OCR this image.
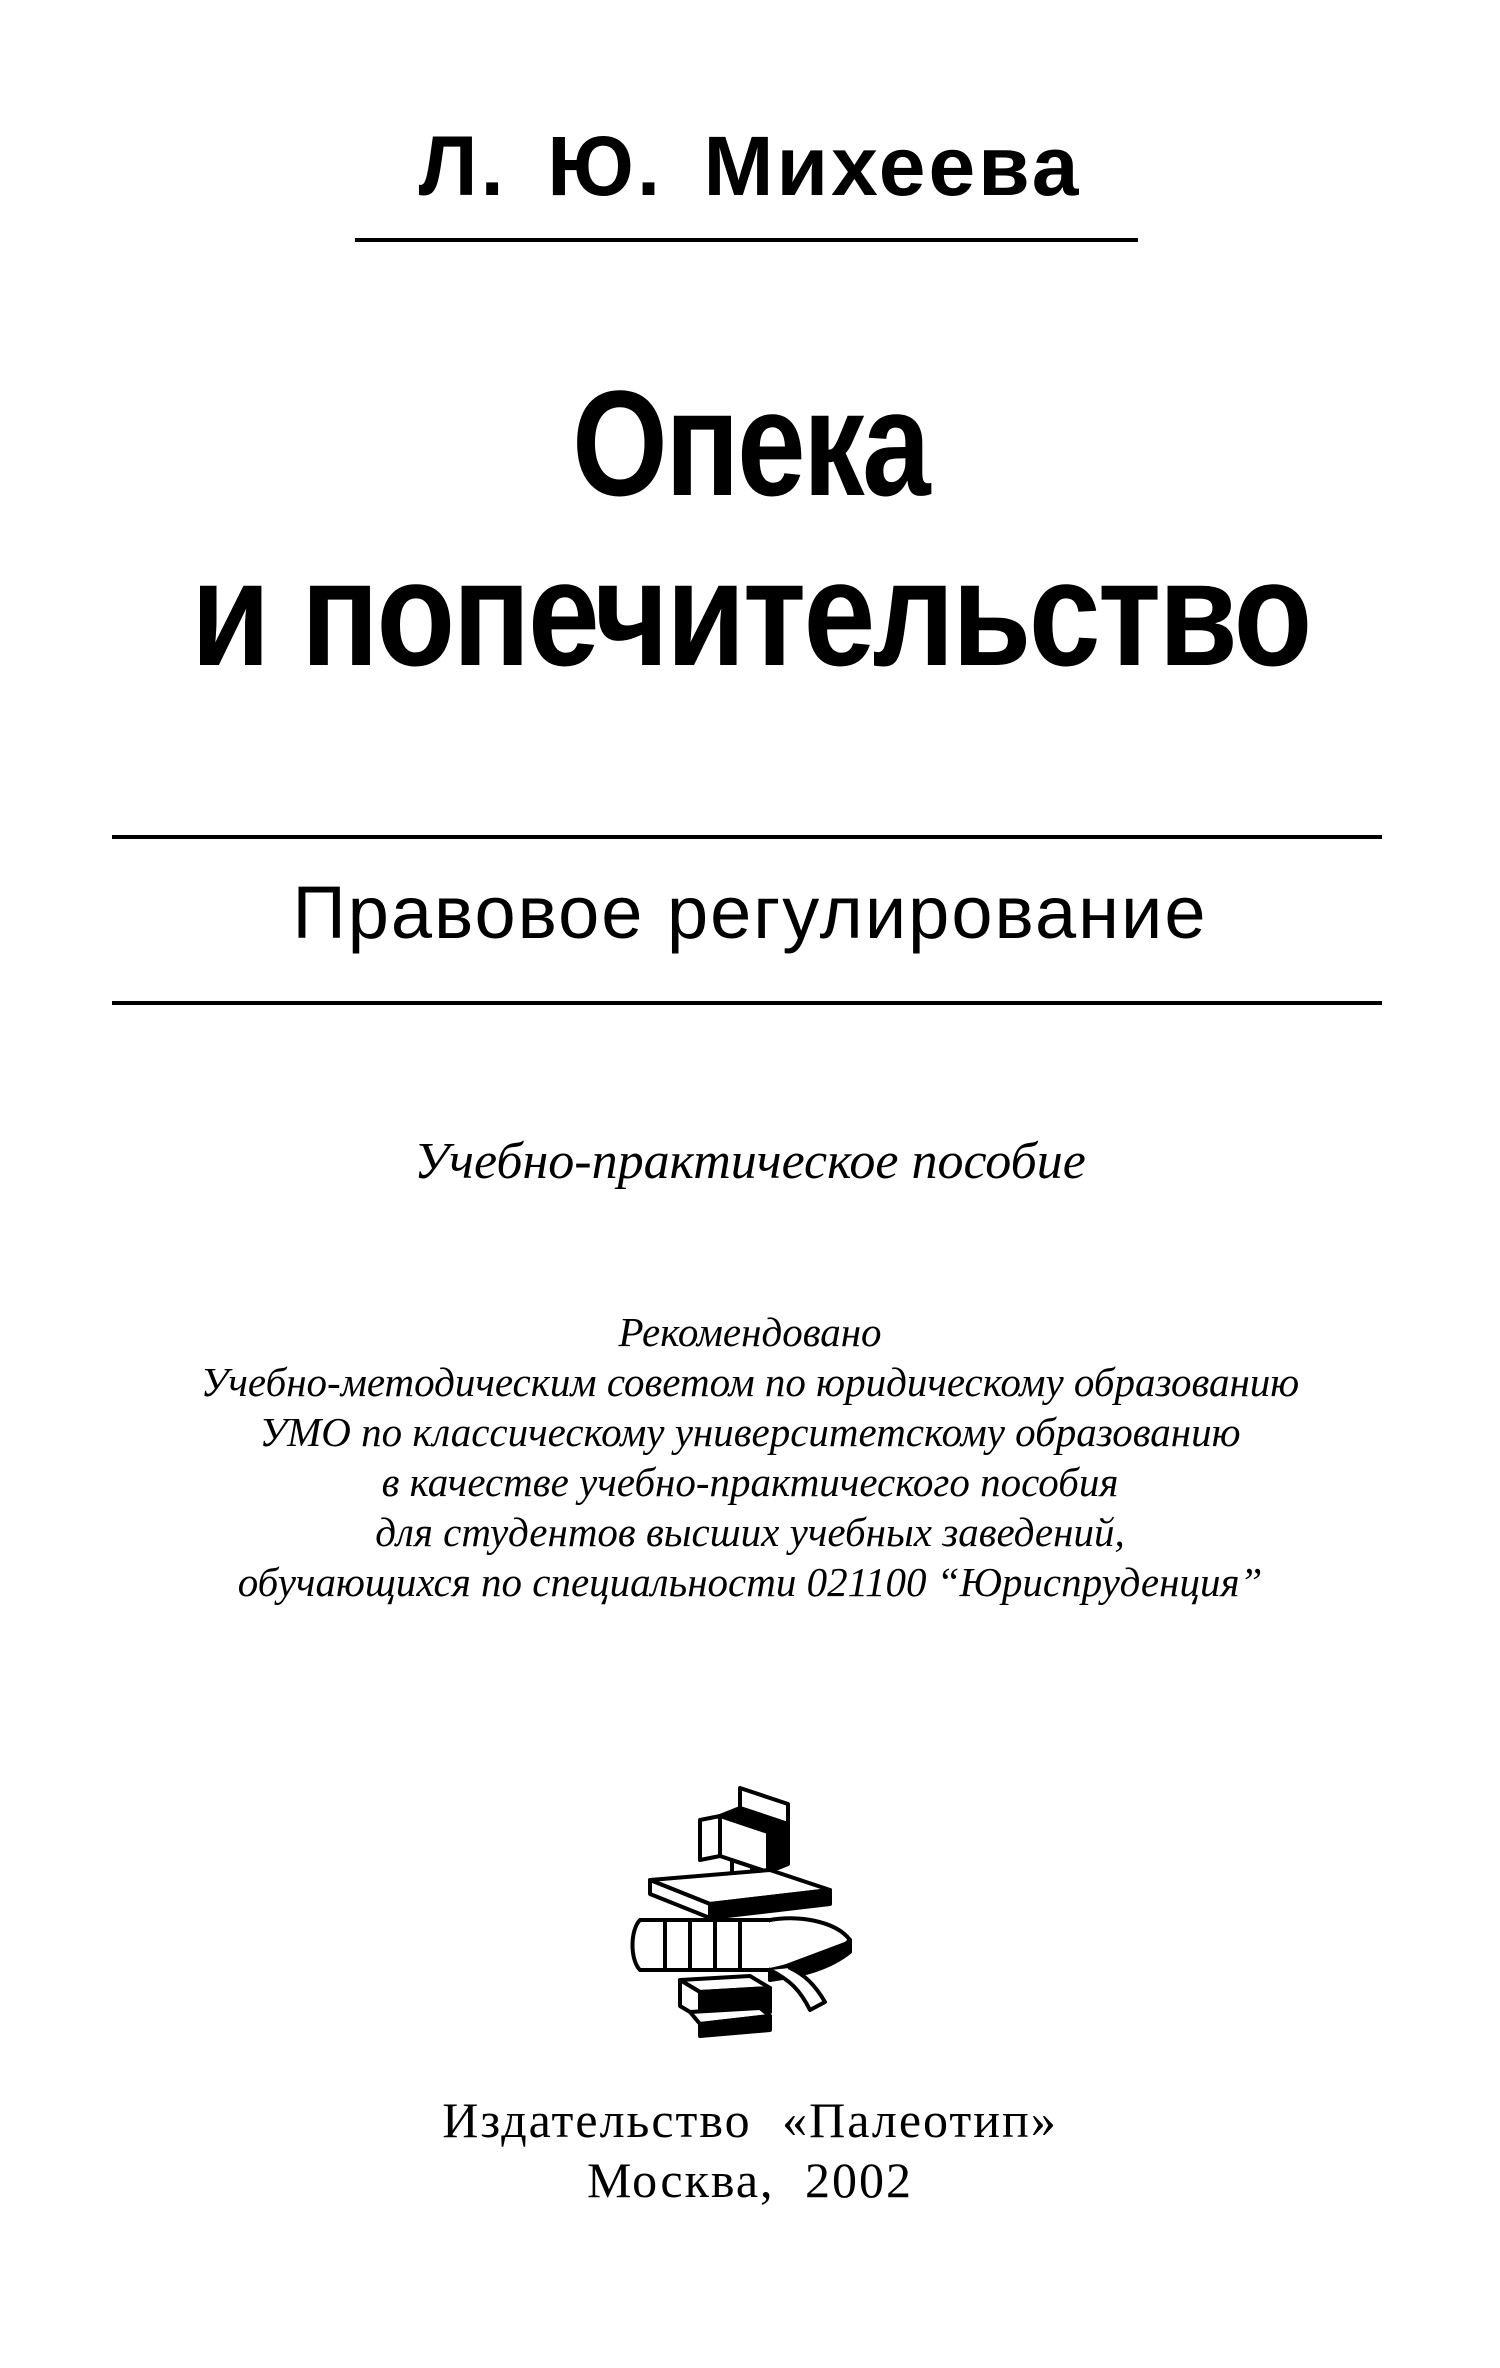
Л. Ю. Михеева
Опека
и попечительство
Правовое регулирование
Учебно-практическое пособие
Рекомендовано
Учебно-методическим советом по юридическому образованию
УМО по классическому университетскому образованию
в качестве учебно-практического пособия
для студентов высших учебных заведений,
обучающихся по специальности 021100 “Юриспруденция”
Издательство «Палеотип»
Москва, 2002
